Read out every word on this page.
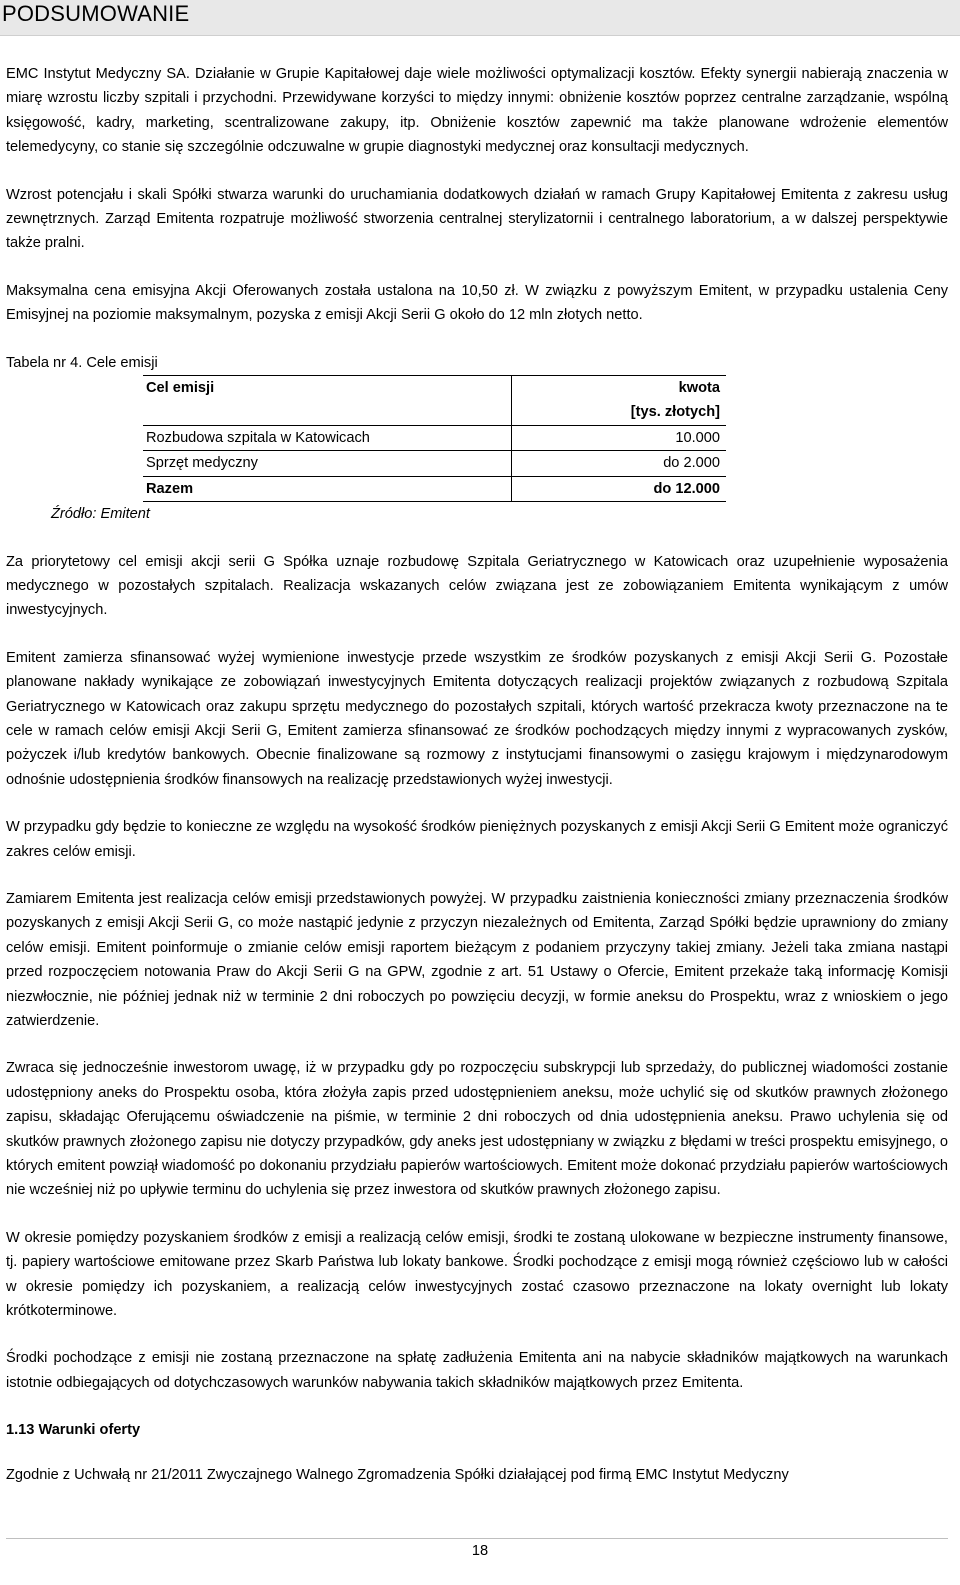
PODSUMOWANIE

EMC Instytut Medyczny SA. Działanie w Grupie Kapitałowej daje wiele możliwości optymalizacji kosztów. Efekty synergii nabierają znaczenia w miarę wzrostu liczby szpitali i przychodni. Przewidywane korzyści to między innymi: obniżenie kosztów poprzez centralne zarządzanie, wspólną księgowość, kadry, marketing, scentralizowane zakupy, itp. Obniżenie kosztów zapewnić ma także planowane wdrożenie elementów telemedycyny, co stanie się szczególnie odczuwalne w grupie diagnostyki medycznej oraz konsultacji medycznych.

Wzrost potencjału i skali Spółki stwarza warunki do uruchamiania dodatkowych działań w ramach Grupy Kapitałowej Emitenta z zakresu usług zewnętrznych. Zarząd Emitenta rozpatruje możliwość stworzenia centralnej sterylizatornii i centralnego laboratorium, a w dalszej perspektywie także pralni.

Maksymalna cena emisyjna Akcji Oferowanych została ustalona na 10,50 zł. W związku z powyższym Emitent, w przypadku ustalenia Ceny Emisyjnej na poziomie maksymalnym, pozyska z emisji Akcji Serii G około do 12 mln złotych netto.

Tabela nr 4. Cele emisji

Cel emisji	kwota
[tys. złotych]

Rozbudowa szpitala w Katowicach	10.000
Sprzęt medyczny	do 2.000
Razem	do 12.000

Źródło: Emitent

Za priorytetowy cel emisji akcji serii G Spółka uznaje rozbudowę Szpitala Geriatrycznego w Katowicach oraz uzupełnienie wyposażenia medycznego w pozostałych szpitalach. Realizacja wskazanych celów związana jest ze zobowiązaniem Emitenta wynikającym z umów inwestycyjnych.

Emitent zamierza sfinansować wyżej wymienione inwestycje przede wszystkim ze środków pozyskanych z emisji Akcji Serii G. Pozostałe planowane nakłady wynikające ze zobowiązań inwestycyjnych Emitenta dotyczących realizacji projektów związanych z rozbudową Szpitala Geriatrycznego w Katowicach oraz zakupu sprzętu medycznego do pozostałych szpitali, których wartość przekracza kwoty przeznaczone na te cele w ramach celów emisji Akcji Serii G, Emitent zamierza sfinansować ze środków pochodzących między innymi z wypracowanych zysków, pożyczek i/lub kredytów bankowych. Obecnie finalizowane są rozmowy z instytucjami finansowymi o zasięgu krajowym i międzynarodowym odnośnie udostępnienia środków finansowych na realizację przedstawionych wyżej inwestycji.

W przypadku gdy będzie to konieczne ze względu na wysokość środków pieniężnych pozyskanych z emisji Akcji Serii G Emitent może ograniczyć zakres celów emisji.

Zamiarem Emitenta jest realizacja celów emisji przedstawionych powyżej. W przypadku zaistnienia konieczności zmiany przeznaczenia środków pozyskanych z emisji Akcji Serii G, co może nastąpić jedynie z przyczyn niezależnych od Emitenta, Zarząd Spółki będzie uprawniony do zmiany celów emisji. Emitent poinformuje o zmianie celów emisji raportem bieżącym z podaniem przyczyny takiej zmiany. Jeżeli taka zmiana nastąpi przed rozpoczęciem notowania Praw do Akcji Serii G na GPW, zgodnie z art. 51 Ustawy o Ofercie, Emitent przekaże taką informację Komisji niezwłocznie, nie później jednak niż w terminie 2 dni roboczych po powzięciu decyzji, w formie aneksu do Prospektu, wraz z wnioskiem o jego zatwierdzenie.

Zwraca się jednocześnie inwestorom uwagę, iż w przypadku gdy po rozpoczęciu subskrypcji lub sprzedaży, do publicznej wiadomości zostanie udostępniony aneks do Prospektu osoba, która złożyła zapis przed udostępnieniem aneksu, może uchylić się od skutków prawnych złożonego zapisu, składając Oferującemu oświadczenie na piśmie, w terminie 2 dni roboczych od dnia udostępnienia aneksu. Prawo uchylenia się od skutków prawnych złożonego zapisu nie dotyczy przypadków, gdy aneks jest udostępniany w związku z błędami w treści prospektu emisyjnego, o których emitent powziął wiadomość po dokonaniu przydziału papierów wartościowych. Emitent może dokonać przydziału papierów wartościowych nie wcześniej niż po upływie terminu do uchylenia się przez inwestora od skutków prawnych złożonego zapisu.

W okresie pomiędzy pozyskaniem środków z emisji a realizacją celów emisji, środki te zostaną ulokowane w bezpieczne instrumenty finansowe, tj. papiery wartościowe emitowane przez Skarb Państwa lub lokaty bankowe. Środki pochodzące z emisji mogą również częściowo lub w całości w okresie pomiędzy ich pozyskaniem, a realizacją celów inwestycyjnych zostać czasowo przeznaczone na lokaty overnight lub lokaty krótkoterminowe.

Środki pochodzące z emisji nie zostaną przeznaczone na spłatę zadłużenia Emitenta ani na nabycie składników majątkowych na warunkach istotnie odbiegających od dotychczasowych warunków nabywania takich składników majątkowych przez Emitenta.

1.13 Warunki oferty

Zgodnie z Uchwałą nr 21/2011 Zwyczajnego Walnego Zgromadzenia Spółki działającej pod firmą EMC Instytut Medyczny

18
